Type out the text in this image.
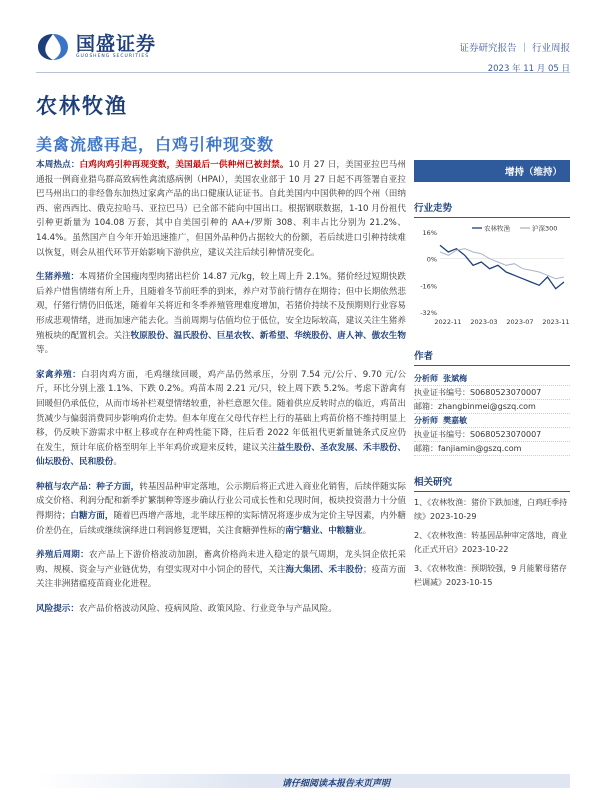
国盛证券
GUOSHENG SECURITIES
证券研究报告 ｜ 行业周报
2023 年 11 月 05 日
农林牧渔
美禽流感再起，白鸡引种现变数
本周热点：白鸡肉鸡引种再现变数，美国最后一供种州已被封禁。10 月 27 日，美国亚拉巴马州通报一例商业猎鸟群高致病性禽流感病例（HPAI），美国农业部于 10 月 27 日起不再签署自亚拉巴马州出口的非经鲁东加热过家禽产品的出口健康认证证书。自此美国内中国供种的四个州（田纳西、密西西比、俄克拉哈马、亚拉巴马）已全部不能向中国出口。根据钢联数据，1-10 月份祖代引种更新量为 104.08 万套，其中自美国引种的 AA+/罗斯 308、利丰占比分别为 21.2%、14.4%。虽然国产自今年开始迅速推广，但国外品种仍占据较大的份额，若后续进口引种持续难以恢复，则会从祖代环节开始影响下游供应，建议关注后续引种情况变化。
生猪养殖：本周猪价全国瘦肉型肉猪出栏价 14.87 元/kg，较上周上升 2.1%。猪价经过短期快跌后养户惜售情绪有所上升，且随着冬节前旺季的到来，养户对节前行情存在期待；但中长期依然悲观，仔猪行情仍旧低迷，随着年关将近和冬季养殖管理难度增加，若猪价持续不及预期则行业容易形成悲观情绪，进而加速产能去化。当前周期与估值均位于低位，安全边际较高，建议关注生猪养殖板块的配置机会。关注牧原股份、温氏股份、巨星农牧、新希望、华统股份、唐人神、傲农生物等。
家禽养殖：白羽肉鸡方面，毛鸡继续回暖，鸡产品仍然承压，分别 7.54 元/公斤、9.70 元/公斤，环比分别上涨 1.1%、下跌 0.2%。鸡苗本周 2.21 元/只，较上周下跌 5.2%。考虑下游禽有回暖但仍承低位，从而市场补栏观望情绪较重，补栏意愿欠佳。随着供应反转时点的临近，鸡苗出货减少与偏弱消费同步影响鸡价走势。但本年度在父母代存栏上行的基础上鸡苗价格不维持明显上移，仍反映下游需求中枢上移或存在种鸡性能下降，往后看 2022 年低祖代更新量链条式反应仍在发生，预计年底价格至明年上半年鸡价或迎来反转，建议关注益生股份、圣农发展、禾丰股份、仙坛股份、民和股份。
种植与农产品：种子方面，转基因品种审定落地，公示期后将正式进入商业化销售，后续伴随实际成交价格、利润分配和新季扩繁制种等逐步确认行业公司成长性和兑现时间，板块投资潜力十分值得期待；白糖方面，随着巴西增产落地，北半球压榨的实际情况将逐步成为定价主导因素，内外糖价差仍在，后续或继续演绎进口利润修复逻辑，关注食糖弹性标的南宁糖业、中粮糖业。
养殖后周期：农产品上下游价格波动加剧，畜禽价格尚未进入稳定的景气周期，龙头饲企依托采购、规模、资金与产业链优势，有望实现对中小饲企的替代，关注海大集团、禾丰股份；疫苗方面关注非洲猪瘟疫苗商业化进程。
风险提示：农产品价格波动风险、疫病风险、政策风险、行业竞争与产品风险。
增持（维持）
行业走势
16%
0%
-16%
-32%
2022-11 2023-03 2023-07 2023-11
农林牧渔	沪深300
作者
分析师 张斌梅
执业证书编号：S0680523070007
邮箱：zhangbinmei@gszq.com
分析师 樊嘉敏
执业证书编号：S0680523070007
邮箱：fanjiamin@gszq.com
相关研究
1、《农林牧渔：猪价下跌加速，白鸡旺季持续》2023-10-29
2、《农林牧渔：转基因品种审定落地，商业化正式开启》2023-10-22
3、《农林牧渔：预期较强，9 月能繁母猪存栏调减》2023-10-15
请仔细阅读本报告末页声明
